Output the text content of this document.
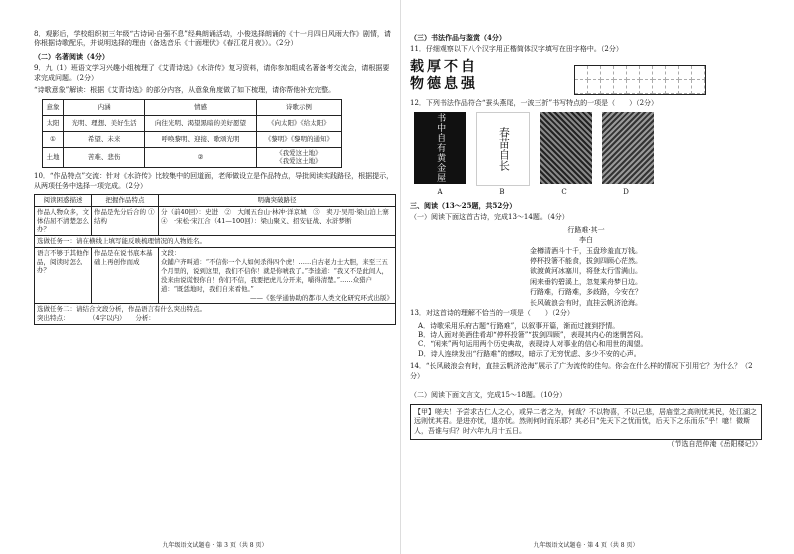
8．观影后，学校组织初三年级“古诗词·自强不息”经典朗诵活动，小俊选择朗诵的《十一月四日风雨大作》剧情，请你根据诗歌配乐，并说明选择的理由（备选音乐《十面埋伏》《春江花月夜》）。（2分）

（二）名著阅读（4分）

9．九（1）班语文学习兴趣小组梳理了《艾青诗选》《水浒传》复习资料，请你参加组成名著备考交流会，请根据要求完成问题。（2分）

“诗歌意象”解读：根据《艾青诗选》的部分内容，从意象角度做了如下梳理，请你帮他补充完整。

意象	内涵	情感	诗歌示例
太阳	光明、理想、美好生活	向往光明、渴望黑暗的美好愿望	《向太阳》《给太阳》
①	希望、未来	呼唤黎明、迎接、歌颂光明	《黎明》《黎明的通知》
土地	苦难、悲伤	②	《我爱这土地》
《我爱这土地》

10．“作品特点”交流：针对《水浒传》比较集中的回道面，老师做设立是作品特点，导批阅读实践路径，根据提示，从两项任务中选择一项完成。（2分）

阅读困惑描述	把握作品特点	明确突破路径
作品人物众多，文体佶屈不清楚怎么办？	作品是先分后合的 ①　结构	分（前40回）：史进　②　大闹五台山·林冲·洋京城　③　卖刀·吴用·梁山泊上寨　④　·宋松·宋江合（41—100回）：梁山聚义、招安征战、水浒梦断
选做任务一：请在横线上填写能反映梳理情况的人物姓名。		
语言不够于其他作品，阅读时怎么办？	作品是在说书底本基础上再创作而成	文段：

众鋪户齐叫道：“不信你一个人如何杀得四个虎！……自古老力士大胆，来至三五个月里的，说到这里，我们不信你！就是你唬我了。”李逵道：“我又不是此间人，没来由说谎恨你自！你们不信，我要把虎儿分开来，嚼得清楚。”……众猎户道：“既恁地时，我们自来看他。”

——《张学通协助的都市人类文化研究环式出版》

选做任务二：请结合文段分析，作品语言有什么突出特点。

突出特点：　　　　（4字以内）　　分析：		

九年级语文试题卷 · 第 3 页（共 8 页）

（三）书法作品与鉴赏（4分）

11．仔细观察以下八个汉字用正楷简体汉字填写在田字格中。（2分）

载厚不自
物德息强

12．下列书法作品符合“蚕头燕尾，一波三折”书写特点的一项是（　　）（2分）

书中自有黄金屋	春苗自长
A	B	C	D

三、阅读（13～25题，共52分）

（一）阅读下面这首古诗，完成13～14题。（4分）

行路难·其一

李白

金樽清酒斗十千，玉盘珍羞直万钱。

停杯投箸不能食，拔剑四顾心茫然。

欲渡黄河冰塞川，将登太行雪满山。

闲来垂钓碧溪上，忽复乘舟梦日边。

行路难，行路难，多歧路，今安在？

长风破浪会有时，直挂云帆济沧海。

13．对这首诗的理解不恰当的一项是（　　）（2分）

A．诗歌采用乐府古题“行路难”，以叙事开篇，渐而过渡到抒情。

B．诗人面对美酒佳肴却“停杯投箸”“拔剑四顾”，表现其内心的迷惘苦闷。

C．“闲来”两句运用两个历史典故，表现诗人对事业的信心和用世的渴望。

D．诗人连续发出“行路难”的感叹，暗示了无穷忧虑、多少不安的心声。

14．“长风破浪会有时，直挂云帆济沧海”展示了广为流传的佳句。你会在什么样的情况下引用它？为什么？（2分）

（二）阅读下面文言文，完成15～18题。（10分）

【甲】嗟夫！予尝求古仁人之心，或异二者之为，何哉？不以物喜，不以己悲，居庙堂之高则忧其民，处江湖之远则忧其君。是进亦忧，退亦忧。然则何时而乐耶？其必曰“先天下之忧而忧，后天下之乐而乐”乎！噫！微斯人，吾谁与归？时六年九月十五日。

（节选自范仲淹《岳阳楼记》）

九年级语文试题卷 · 第 4 页（共 8 页）
